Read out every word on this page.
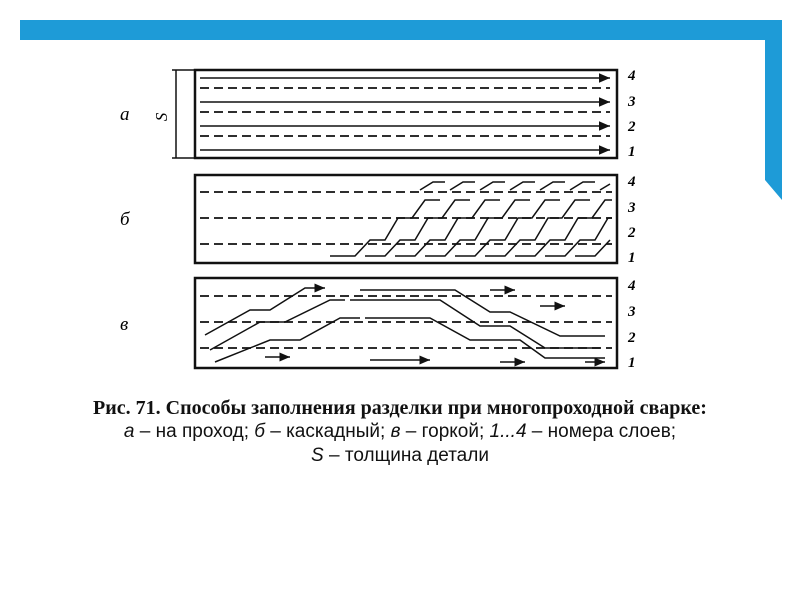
S
а
4
3
2
1
б
4
3
2
1
в
4
3
2
1
Рис. 71. Способы заполнения разделки при многопроходной сварке:
а – на проход; б – каскадный; в – горкой; 1...4 – номера слоев;
S – толщина детали
